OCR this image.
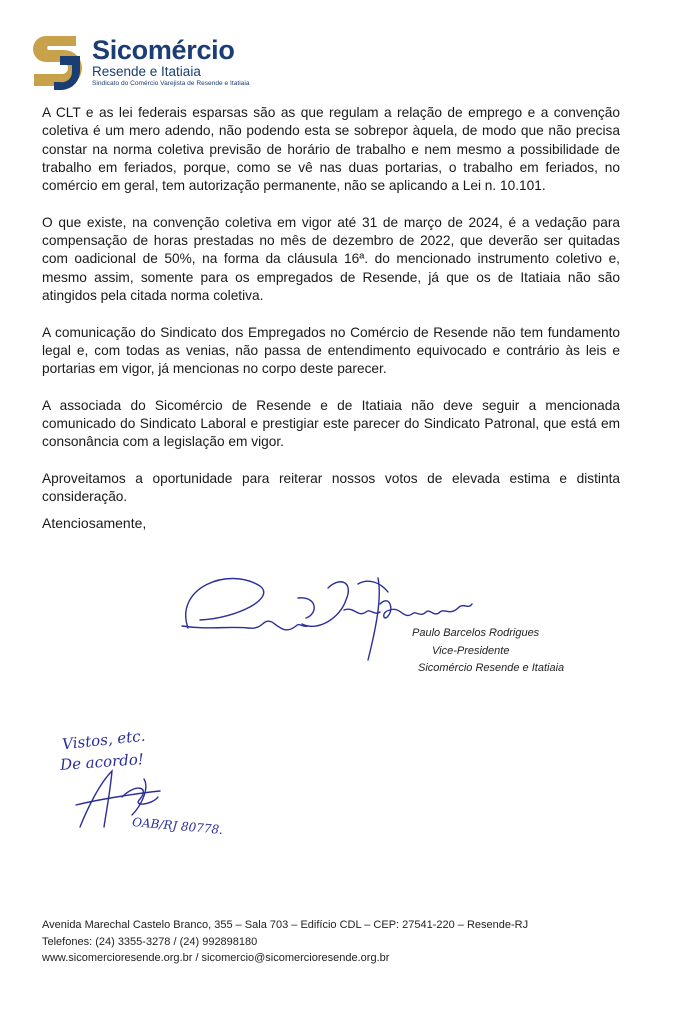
Sicomércio
Resende e Itatiaia
Sindicato do Comércio Varejista de Resende e Itatiaia

A CLT e as lei federais esparsas são as que regulam a relação de emprego e a convenção coletiva é um mero adendo, não podendo esta se sobrepor àquela, de modo que não precisa constar na norma coletiva previsão de horário de trabalho e nem mesmo a possibilidade de trabalho em feriados, porque, como se vê nas duas portarias, o trabalho em feriados, no comércio em geral, tem autorização permanente, não se aplicando a Lei n. 10.101.

O que existe, na convenção coletiva em vigor até 31 de março de 2024, é a vedação para compensação de horas prestadas no mês de dezembro de 2022, que deverão ser quitadas com oadicional de 50%, na forma da cláusula 16ª. do mencionado instrumento coletivo e, mesmo assim, somente para os empregados de Resende, já que os de Itatiaia não são atingidos pela citada norma coletiva.

A comunicação do Sindicato dos Empregados no Comércio de Resende não tem fundamento legal e, com todas as venias, não passa de entendimento equivocado e contrário às leis e portarias em vigor, já mencionas no corpo deste parecer.

A associada do Sicomércio de Resende e de Itatiaia não deve seguir a mencionada comunicado do Sindicato Laboral e prestigiar este parecer do Sindicato Patronal, que está em consonância com a legislação em vigor.

Aproveitamos a oportunidade para reiterar nossos votos de elevada estima e distinta consideração.

Atenciosamente,
Paulo Barcelos Rodrigues
Vice-Presidente
Sicomércio Resende e Itatiaia
Vistos, etc.
De acordo!
OAB/RJ 80778.
Avenida Marechal Castelo Branco, 355 – Sala 703 – Edifício CDL – CEP: 27541-220 – Resende-RJ
Telefones: (24) 3355-3278 / (24) 992898180
www.sicomercioresende.org.br / sicomercio@sicomercioresende.org.br
